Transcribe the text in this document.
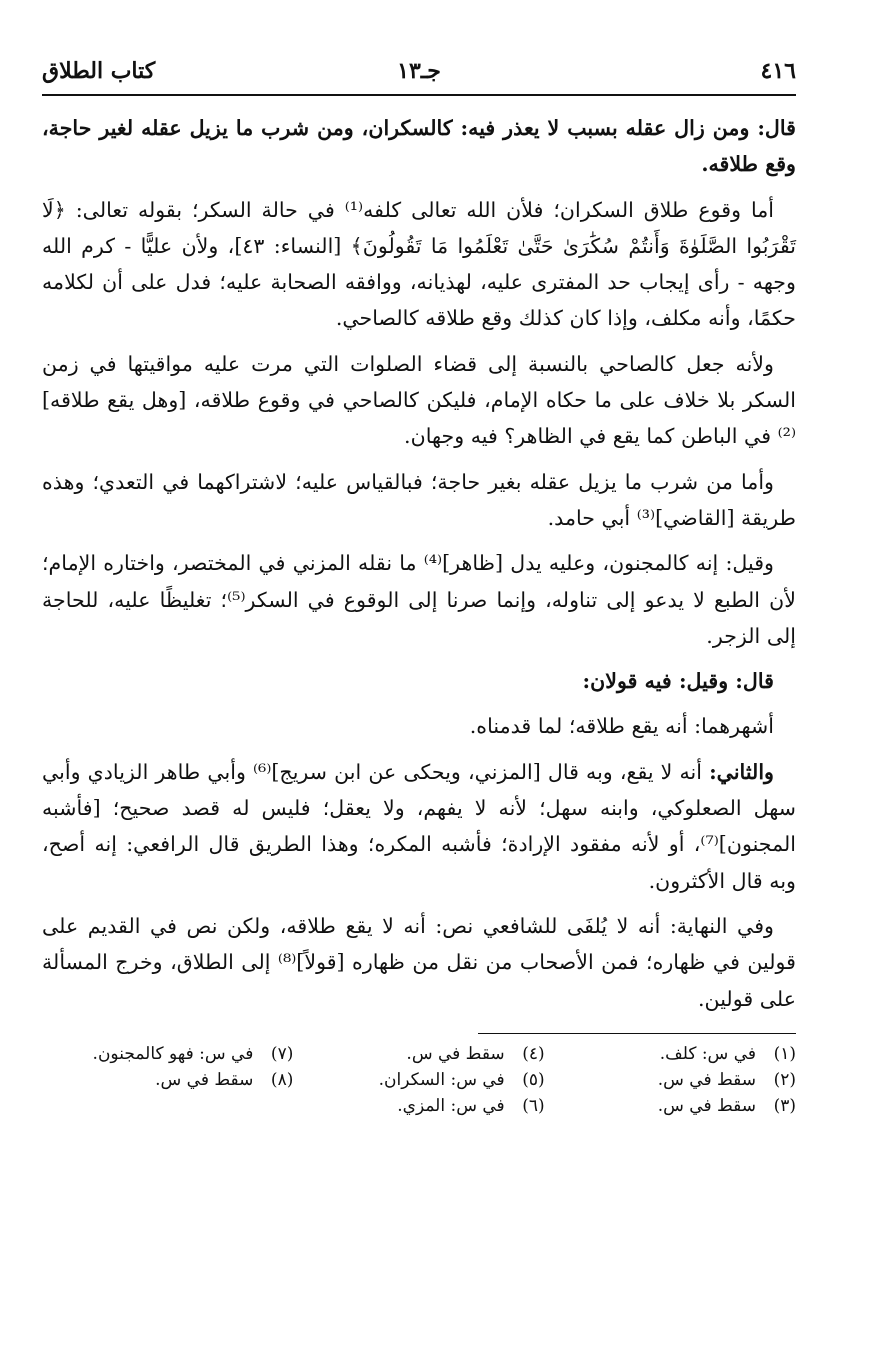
٤١٦
جـ١٣
كتاب الطلاق

قال: ومن زال عقله بسبب لا يعذر فيه: كالسكران، ومن شرب ما يزيل عقله لغير حاجة، وقع طلاقه.

أما وقوع طلاق السكران؛ فلأن الله تعالى كلفه⁽¹⁾ في حالة السكر؛ بقوله تعالى: ﴿لَا تَقْرَبُوا الصَّلَوٰةَ وَأَنتُمْ سُكَٰرَىٰ حَتَّىٰ تَعْلَمُوا مَا تَقُولُونَ﴾ [النساء: ٤٣]، ولأن عليًّا - كرم الله وجهه - رأى إيجاب حد المفترى عليه، لهذيانه، ووافقه الصحابة عليه؛ فدل على أن لكلامه حكمًا، وأنه مكلف، وإذا كان كذلك وقع طلاقه كالصاحي.

ولأنه جعل كالصاحي بالنسبة إلى قضاء الصلوات التي مرت عليه مواقيتها في زمن السكر بلا خلاف على ما حكاه الإمام، فليكن كالصاحي في وقوع طلاقه، [وهل يقع طلاقه]⁽²⁾ في الباطن كما يقع في الظاهر؟ فيه وجهان.

وأما من شرب ما يزيل عقله بغير حاجة؛ فبالقياس عليه؛ لاشتراكهما في التعدي؛ وهذه طريقة [القاضي]⁽³⁾ أبي حامد.

وقيل: إنه كالمجنون، وعليه يدل [ظاهر]⁽⁴⁾ ما نقله المزني في المختصر، واختاره الإمام؛ لأن الطبع لا يدعو إلى تناوله، وإنما صرنا إلى الوقوع في السكر⁽⁵⁾؛ تغليظًا عليه، للحاجة إلى الزجر.

قال: وقيل: فيه قولان:

أشهرهما: أنه يقع طلاقه؛ لما قدمناه.

والثاني: أنه لا يقع، وبه قال [المزني، ويحكى عن ابن سريج]⁽⁶⁾ وأبي طاهر الزيادي وأبي سهل الصعلوكي، وابنه سهل؛ لأنه لا يفهم، ولا يعقل؛ فليس له قصد صحيح؛ [فأشبه المجنون]⁽⁷⁾، أو لأنه مفقود الإرادة؛ فأشبه المكره؛ وهذا الطريق قال الرافعي: إنه أصح، وبه قال الأكثرون.

وفي النهاية: أنه لا يُلفَى للشافعي نص: أنه لا يقع طلاقه، ولكن نص في القديم على قولين في ظهاره؛ فمن الأصحاب من نقل من ظهاره [قولاً]⁽⁸⁾ إلى الطلاق، وخرج المسألة على قولين.

(١)في س: كلف.
(٤)سقط في س.
(٧)في س: فهو كالمجنون.
(٢)سقط في س.
(٥)في س: السكران.
(٨)سقط في س.
(٣)سقط في س.
(٦)في س: المزي.
